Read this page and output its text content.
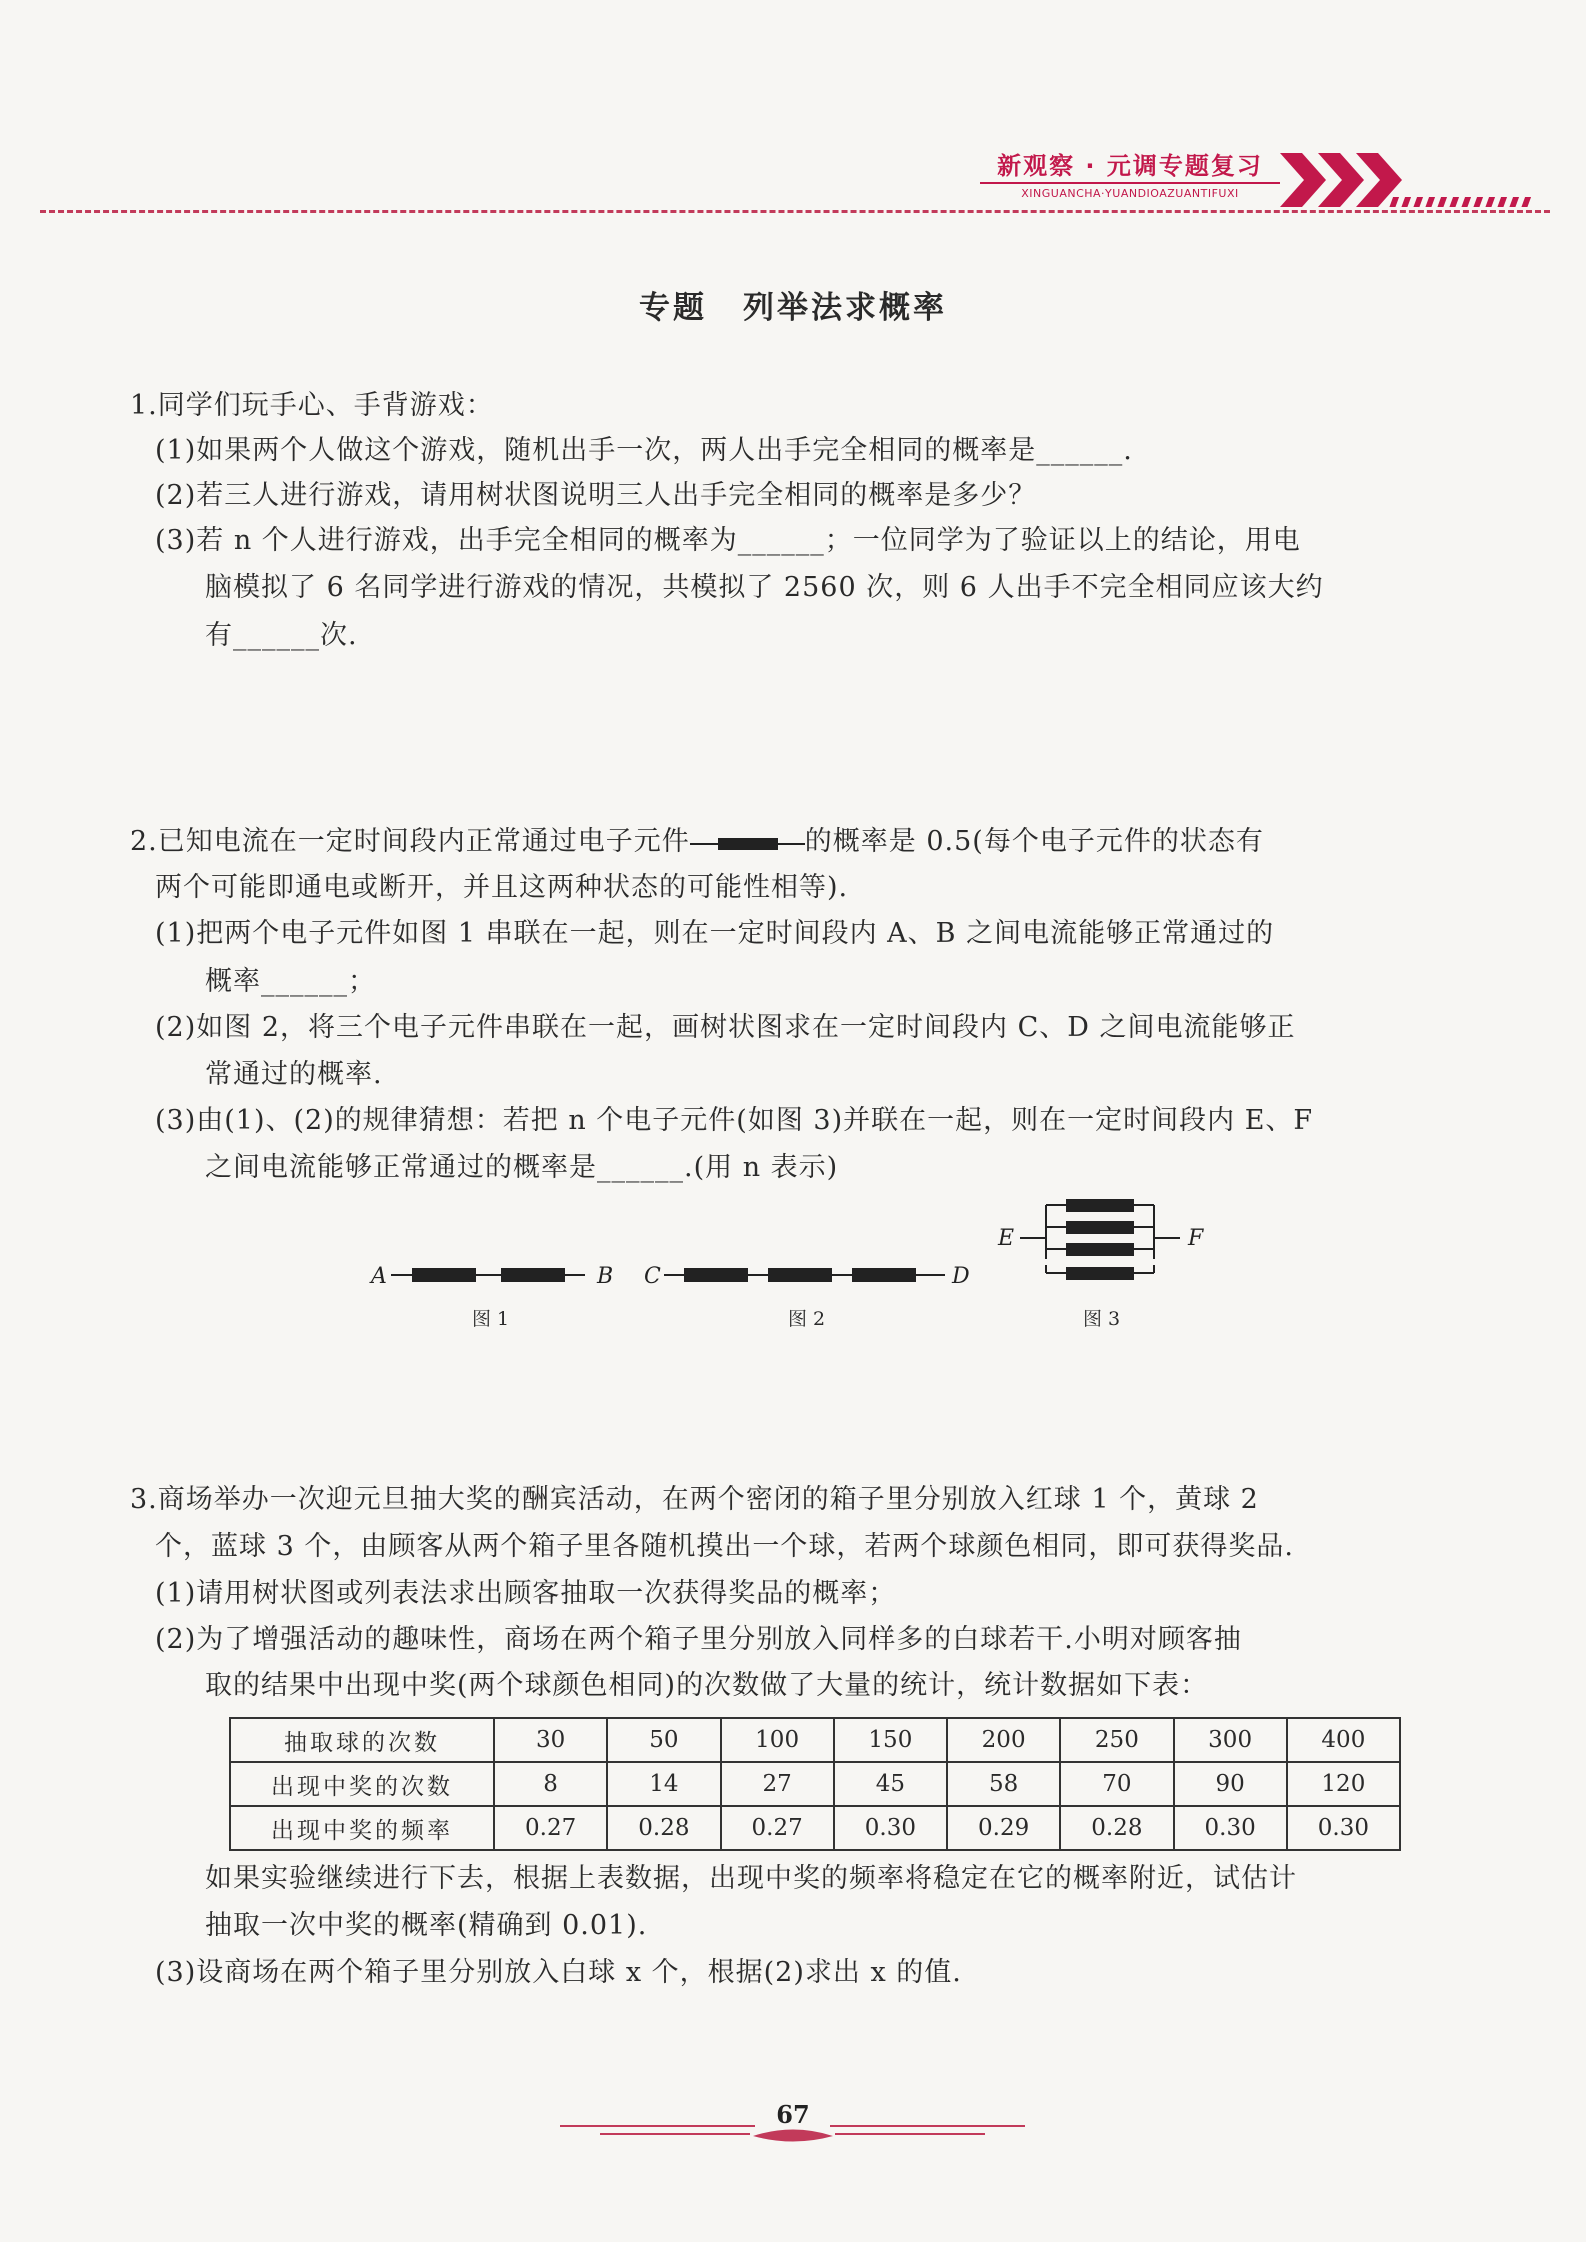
新观察 · 元调专题复习
XINGUANCHA·YUANDIOAZUANTIFUXI
专题 列举法求概率
1.同学们玩手心、手背游戏：
(1)如果两个人做这个游戏，随机出手一次，两人出手完全相同的概率是______.
(2)若三人进行游戏，请用树状图说明三人出手完全相同的概率是多少？
(3)若 n 个人进行游戏，出手完全相同的概率为______；一位同学为了验证以上的结论，用电
脑模拟了 6 名同学进行游戏的情况，共模拟了 2560 次，则 6 人出手不完全相同应该大约
有______次.
2.已知电流在一定时间段内正常通过电子元件	的概率是 0.5(每个电子元件的状态有
两个可能即通电或断开，并且这两种状态的可能性相等).
(1)把两个电子元件如图 1 串联在一起，则在一定时间段内 A、B 之间电流能够正常通过的
概率______；
(2)如图 2，将三个电子元件串联在一起，画树状图求在一定时间段内 C、D 之间电流能够正
常通过的概率.
(3)由(1)、(2)的规律猜想：若把 n 个电子元件(如图 3)并联在一起，则在一定时间段内 E、F
之间电流能够正常通过的概率是______.(用 n 表示)
A	B
图 1
C	D
图 2
E	F
图 3
3.商场举办一次迎元旦抽大奖的酬宾活动，在两个密闭的箱子里分别放入红球 1 个，黄球 2
个，蓝球 3 个，由顾客从两个箱子里各随机摸出一个球，若两个球颜色相同，即可获得奖品.
(1)请用树状图或列表法求出顾客抽取一次获得奖品的概率；
(2)为了增强活动的趣味性，商场在两个箱子里分别放入同样多的白球若干.小明对顾客抽
取的结果中出现中奖(两个球颜色相同)的次数做了大量的统计，统计数据如下表：
抽取球的次数	30	50	100	150	200	250	300	400
出现中奖的次数	8	14	27	45	58	70	90	120
出现中奖的频率	0.27	0.28	0.27	0.30	0.29	0.28	0.30	0.30
如果实验继续进行下去，根据上表数据，出现中奖的频率将稳定在它的概率附近，试估计
抽取一次中奖的概率(精确到 0.01).
(3)设商场在两个箱子里分别放入白球 x 个，根据(2)求出 x 的值.
67
